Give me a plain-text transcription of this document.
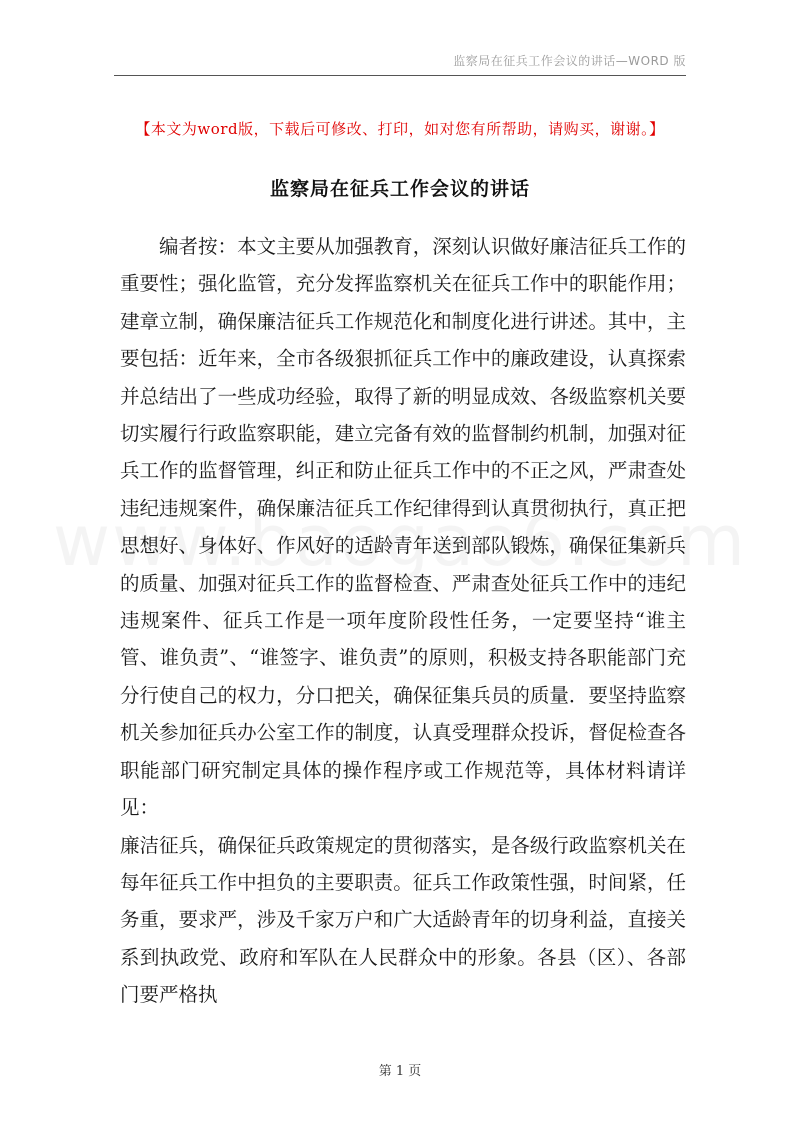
监察局在征兵工作会议的讲话—WORD 版
【本文为word版，下载后可修改、打印，如对您有所帮助，请购买，谢谢。】
监察局在征兵工作会议的讲话

编者按：本文主要从加强教育，深刻认识做好廉洁征兵工作的重要性；强化监管，充分发挥监察机关在征兵工作中的职能作用；建章立制，确保廉洁征兵工作规范化和制度化进行讲述。其中，主要包括：近年来，全市各级狠抓征兵工作中的廉政建设，认真探索并总结出了一些成功经验，取得了新的明显成效、各级监察机关要切实履行行政监察职能，建立完备有效的监督制约机制，加强对征兵工作的监督管理，纠正和防止征兵工作中的不正之风，严肃查处违纪违规案件，确保廉洁征兵工作纪律得到认真贯彻执行，真正把思想好、身体好、作风好的适龄青年送到部队锻炼，确保征集新兵的质量、加强对征兵工作的监督检查、严肃查处征兵工作中的违纪违规案件、征兵工作是一项年度阶段性任务，一定要坚持“谁主管、谁负责”、“谁签字、谁负责”的原则，积极支持各职能部门充分行使自己的权力，分口把关，确保征集兵员的质量．要坚持监察机关参加征兵办公室工作的制度，认真受理群众投诉，督促检查各职能部门研究制定具体的操作程序或工作规范等，具体材料请详见：

廉洁征兵，确保征兵政策规定的贯彻落实，是各级行政监察机关在每年征兵工作中担负的主要职责。征兵工作政策性强，时间紧，任务重，要求严，涉及千家万户和广大适龄青年的切身利益，直接关系到执政党、政府和军队在人民群众中的形象。各县（区）、各部门要严格执

第 1 页
